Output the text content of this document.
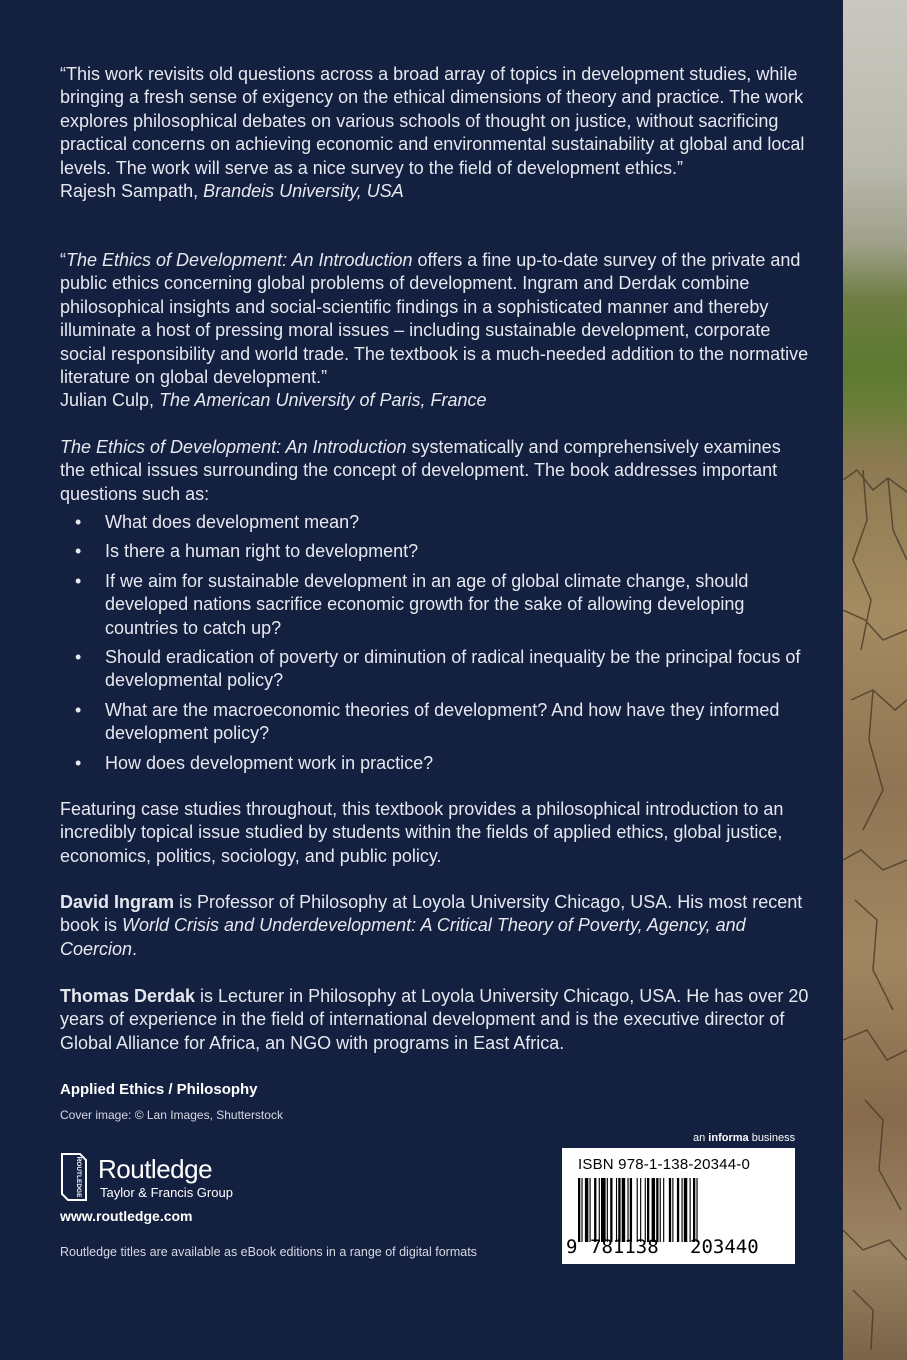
“This work revisits old questions across a broad array of topics in development studies, while bringing a fresh sense of exigency on the ethical dimensions of theory and practice. The work explores philosophical debates on various schools of thought on justice, without sacrificing practical concerns on achieving economic and environmental sustainability at global and local levels. The work will serve as a nice survey to the field of development ethics.”

Rajesh Sampath, Brandeis University, USA

“The Ethics of Development: An Introduction offers a fine up-to-date survey of the private and public ethics concerning global problems of development. Ingram and Derdak combine philosophical insights and social-scientific findings in a sophisticated manner and thereby illuminate a host of pressing moral issues – including sustainable development, corporate social responsibility and world trade. The textbook is a much-needed addition to the normative literature on global development.”

Julian Culp, The American University of Paris, France

The Ethics of Development: An Introduction systematically and comprehensively examines the ethical issues surrounding the concept of development. The book addresses important questions such as:

• What does development mean?
• Is there a human right to development?
• If we aim for sustainable development in an age of global climate change, should developed nations sacrifice economic growth for the sake of allowing developing countries to catch up?
• Should eradication of poverty or diminution of radical inequality be the principal focus of developmental policy?
• What are the macroeconomic theories of development? And how have they informed development policy?
• How does development work in practice?

Featuring case studies throughout, this textbook provides a philosophical introduction to an incredibly topical issue studied by students within the fields of applied ethics, global justice, economics, politics, sociology, and public policy.

David Ingram is Professor of Philosophy at Loyola University Chicago, USA. His most recent book is World Crisis and Underdevelopment: A Critical Theory of Poverty, Agency, and Coercion.

Thomas Derdak is Lecturer in Philosophy at Loyola University Chicago, USA. He has over 20 years of experience in the field of international development and is the executive director of Global Alliance for Africa, an NGO with programs in East Africa.

Applied Ethics / Philosophy
Cover image: © Lan Images, Shutterstock
ROUTLEDGE Routledge
Taylor & Francis Group
www.routledge.com
Routledge titles are available as eBook editions in a range of digital formats
an informa business
ISBN 978-1-138-20344-0
9 781138 203440
